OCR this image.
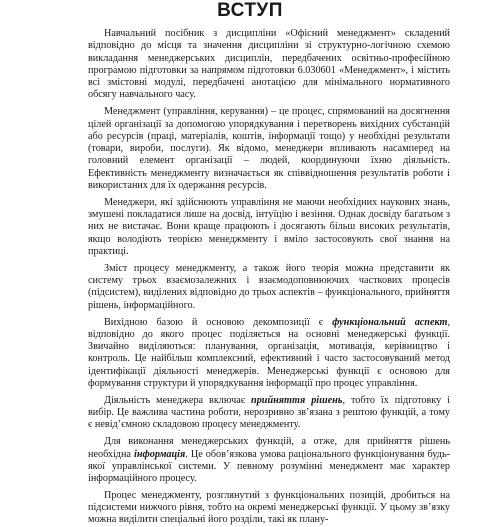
ВСТУП

Навчальний посібник з дисципліни «Офісний менеджмент» складений відповідно до місця та значення дисципліни зі структурно-логічною схемою викладання менеджерських дисциплін, передбачених освітньо-професійною програмою підготовки за напрямом підготовки 6.030601 «Менеджмент», і містить всі змістовні модулі, передбачені анотацією для мінімального нормативного обсягу навчального часу.

Менеджмент (управління, керування) – це процес, спрямований на досягнення цілей організації за допомогою упорядкування і перетворень вихідних субстанцій або ресурсів (праці, матеріалів, коштів, інформації тощо) у необхідні результати (товари, вироби, послуги). Як відомо, менеджери впливають насамперед на головний елемент організації – людей, координуючи їхню діяльність. Ефективність менеджменту визначається як співвідношення результатів роботи і використаних для їх одержання ресурсів.

Менеджери, які здійснюють управління не маючи необхідних наукових знань, змушені покладатися лише на досвід, інтуїцію і везіння. Однак досвіду багатьом з них не вистачає. Вони краще працюють і досягають більш високих результатів, якщо володіють теорією менеджменту і вміло застосовують свої знання на практиці.

Зміст процесу менеджменту, а також його теорія можна представити як систему трьох взаємозалежних і взаємодоповнюючих часткових процесів (підсистем), виділених відповідно до трьох аспектів – функціонального, прийняття рішень, інформаційного.

Вихідною базою й основою декомпозиції є функціональний аспект, відповідно до якого процес поділяється на основні менеджерські функції. Звичайно виділяються: планування, організація, мотивація, керівництво і контроль. Це найбільш комплексний, ефективний і часто застосовуваний метод ідентифікації діяльності менеджерів. Менеджерські функції є основою для формування структури й упорядкування інформації про процес управління.

Діяльність менеджера включає прийняття рішень, тобто їх підготовку і вибір. Це важлива частина роботи, нерозривно зв’язана з рештою функцій, а тому є невід’ємною складовою процесу менеджменту.

Для виконання менеджерських функцій, а отже, для прийняття рішень необхідна інформація. Це обов’язкова умова раціонального функціонування будь-якої управлінської системи. У певному розумінні менеджмент має характер інформаційного процесу.

Процес менеджменту, розглянутий з функціональних позицій, дробиться на підсистеми нижчого рівня, тобто на окремі менеджерські функції. У цьому зв’язку можна виділити спеціальні його розділи, такі як плану-
